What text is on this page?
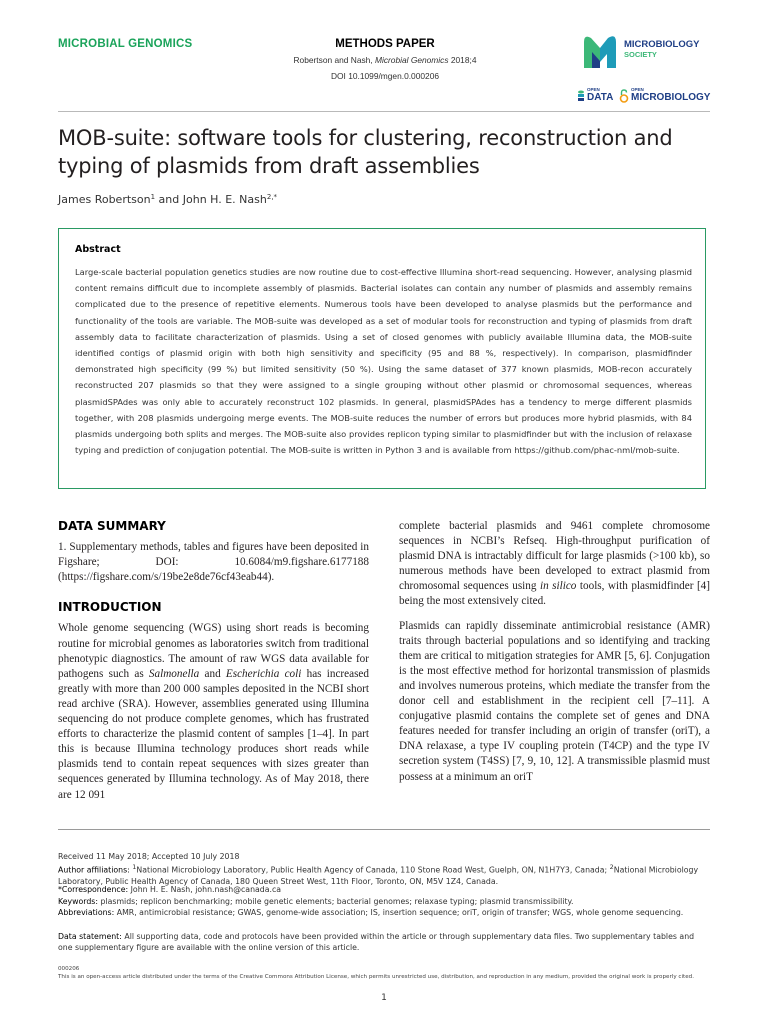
MICROBIAL GENOMICS	METHODS PAPER
Robertson and Nash, Microbial Genomics 2018;4
DOI 10.1099/mgen.0.000206
MICROBIOLOGY
SOCIETY
OPEN
DATA
OPEN
MICROBIOLOGY
MOB-suite: software tools for clustering, reconstruction and typing of plasmids from draft assemblies
James Robertson$^1$ and John H. E. Nash$^{2,*}$
Abstract
Large-scale bacterial population genetics studies are now routine due to cost-effective Illumina short-read sequencing. However, analysing plasmid content remains difficult due to incomplete assembly of plasmids. Bacterial isolates can contain any number of plasmids and assembly remains complicated due to the presence of repetitive elements. Numerous tools have been developed to analyse plasmids but the performance and functionality of the tools are variable. The MOB-suite was developed as a set of modular tools for reconstruction and typing of plasmids from draft assembly data to facilitate characterization of plasmids. Using a set of closed genomes with publicly available Illumina data, the MOB-suite identified contigs of plasmid origin with both high sensitivity and specificity (95 and 88 %, respectively). In comparison, plasmidfinder demonstrated high specificity (99 %) but limited sensitivity (50 %). Using the same dataset of 377 known plasmids, MOB-recon accurately reconstructed 207 plasmids so that they were assigned to a single grouping without other plasmid or chromosomal sequences, whereas plasmidSPAdes was only able to accurately reconstruct 102 plasmids. In general, plasmidSPAdes has a tendency to merge different plasmids together, with 208 plasmids undergoing merge events. The MOB-suite reduces the number of errors but produces more hybrid plasmids, with 84 plasmids undergoing both splits and merges. The MOB-suite also provides replicon typing similar to plasmidfinder but with the inclusion of relaxase typing and prediction of conjugation potential. The MOB-suite is written in Python 3 and is available from https://github.com/phac-nml/mob-suite.
DATA SUMMARY

1. Supplementary methods, tables and figures have been deposited in Figshare; DOI: 10.6084/m9.figshare.6177188 (https://figshare.com/s/19be2e8de76cf43eab44).

INTRODUCTION

Whole genome sequencing (WGS) using short reads is becoming routine for microbial genomes as laboratories switch from traditional phenotypic diagnostics. The amount of raw WGS data available for pathogens such as Salmonella and Escherichia coli has increased greatly with more than 200 000 samples deposited in the NCBI short read archive (SRA). However, assemblies generated using Illumina sequencing do not produce complete genomes, which has frustrated efforts to characterize the plasmid content of samples [1–4]. In part this is because Illumina technology produces short reads while plasmids tend to contain repeat sequences with sizes greater than sequences generated by Illumina technology. As of May 2018, there are 12 091

complete bacterial plasmids and 9461 complete chromosome sequences in NCBI’s Refseq. High-throughput purification of plasmid DNA is intractably difficult for large plasmids (>100 kb), so numerous methods have been developed to extract plasmid from chromosomal sequences using in silico tools, with plasmidfinder [4] being the most extensively cited.

Plasmids can rapidly disseminate antimicrobial resistance (AMR) traits through bacterial populations and so identifying and tracking them are critical to mitigation strategies for AMR [5, 6]. Conjugation is the most effective method for horizontal transmission of plasmids and involves numerous proteins, which mediate the transfer from the donor cell and establishment in the recipient cell [7–11]. A conjugative plasmid contains the complete set of genes and DNA features needed for transfer including an origin of transfer (oriT), a DNA relaxase, a type IV coupling protein (T4CP) and the type IV secretion system (T4SS) [7, 9, 10, 12]. A transmissible plasmid must possess at a minimum an oriT

Received 11 May 2018; Accepted 10 July 2018
Author affiliations: $^1$National Microbiology Laboratory, Public Health Agency of Canada, 110 Stone Road West, Guelph, ON, N1H7Y3, Canada; $^2$National Microbiology Laboratory, Public Health Agency of Canada, 180 Queen Street West, 11th Floor, Toronto, ON, M5V 1Z4, Canada.
*Correspondence: John H. E. Nash, john.nash@canada.ca
Keywords: plasmids; replicon benchmarking; mobile genetic elements; bacterial genomes; relaxase typing; plasmid transmissibility.
Abbreviations: AMR, antimicrobial resistance; GWAS, genome-wide association; IS, insertion sequence; oriT, origin of transfer; WGS, whole genome sequencing.
Data statement: All supporting data, code and protocols have been provided within the article or through supplementary data files. Two supplementary tables and one supplementary figure are available with the online version of this article.
000206
This is an open-access article distributed under the terms of the Creative Commons Attribution License, which permits unrestricted use, distribution, and reproduction in any medium, provided the original work is properly cited.
1
